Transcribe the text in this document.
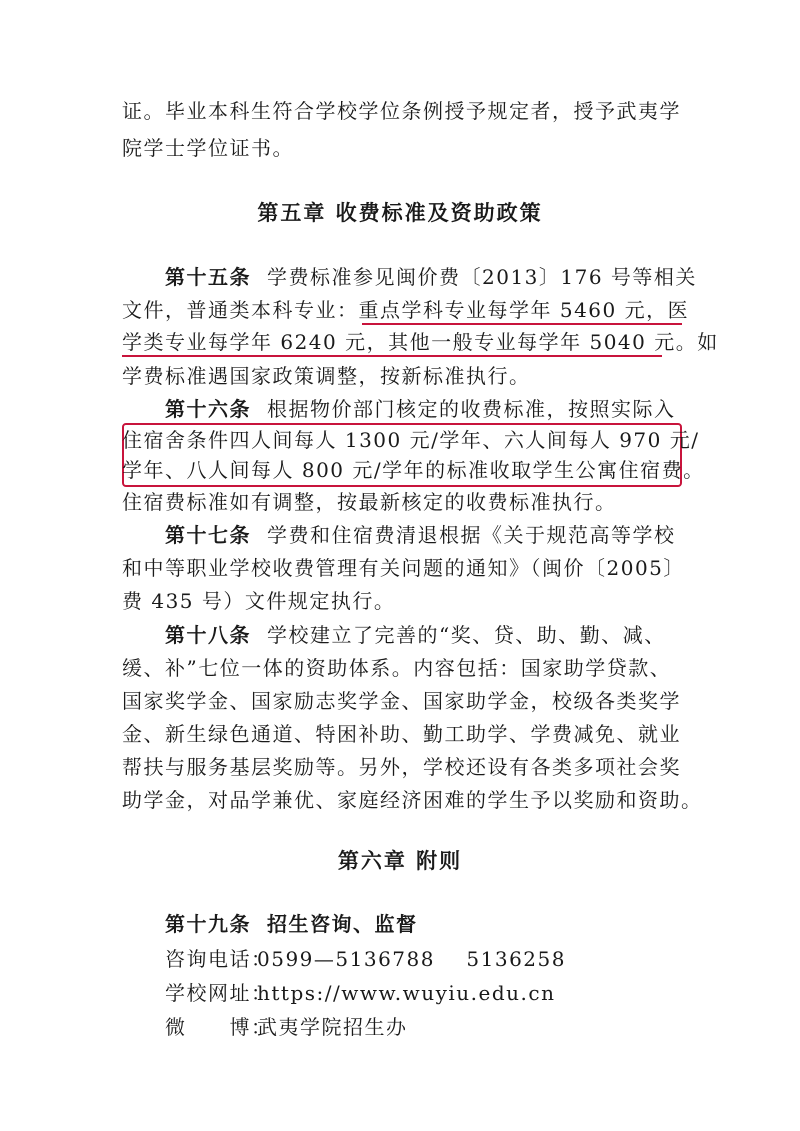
证。毕业本科生符合学校学位条例授予规定者，授予武夷学
院学士学位证书。
第五章 收费标准及资助政策
第十五条 学费标准参见闽价费〔2013〕176 号等相关
文件，普通类本科专业：重点学科专业每学年 5460 元，医
学类专业每学年 6240 元，其他一般专业每学年 5040 元。如
学费标准遇国家政策调整，按新标准执行。
第十六条 根据物价部门核定的收费标准，按照实际入
住宿舍条件四人间每人 1300 元/学年、六人间每人 970 元/
学年、八人间每人 800 元/学年的标准收取学生公寓住宿费。
住宿费标准如有调整，按最新核定的收费标准执行。
第十七条 学费和住宿费清退根据《关于规范高等学校
和中等职业学校收费管理有关问题的通知》（闽价〔2005〕
费 435 号）文件规定执行。
第十八条 学校建立了完善的“奖、贷、助、勤、减、
缓、补”七位一体的资助体系。内容包括：国家助学贷款、
国家奖学金、国家励志奖学金、国家助学金，校级各类奖学
金、新生绿色通道、特困补助、勤工助学、学费减免、就业
帮扶与服务基层奖励等。另外，学校还设有各类多项社会奖
助学金，对品学兼优、家庭经济困难的学生予以奖励和资助。
第六章 附则
第十九条 招生咨询、监督
咨询电话：0599—5136788    5136258
学校网址：https://www.wuyiu.edu.cn
微　　博：武夷学院招生办
